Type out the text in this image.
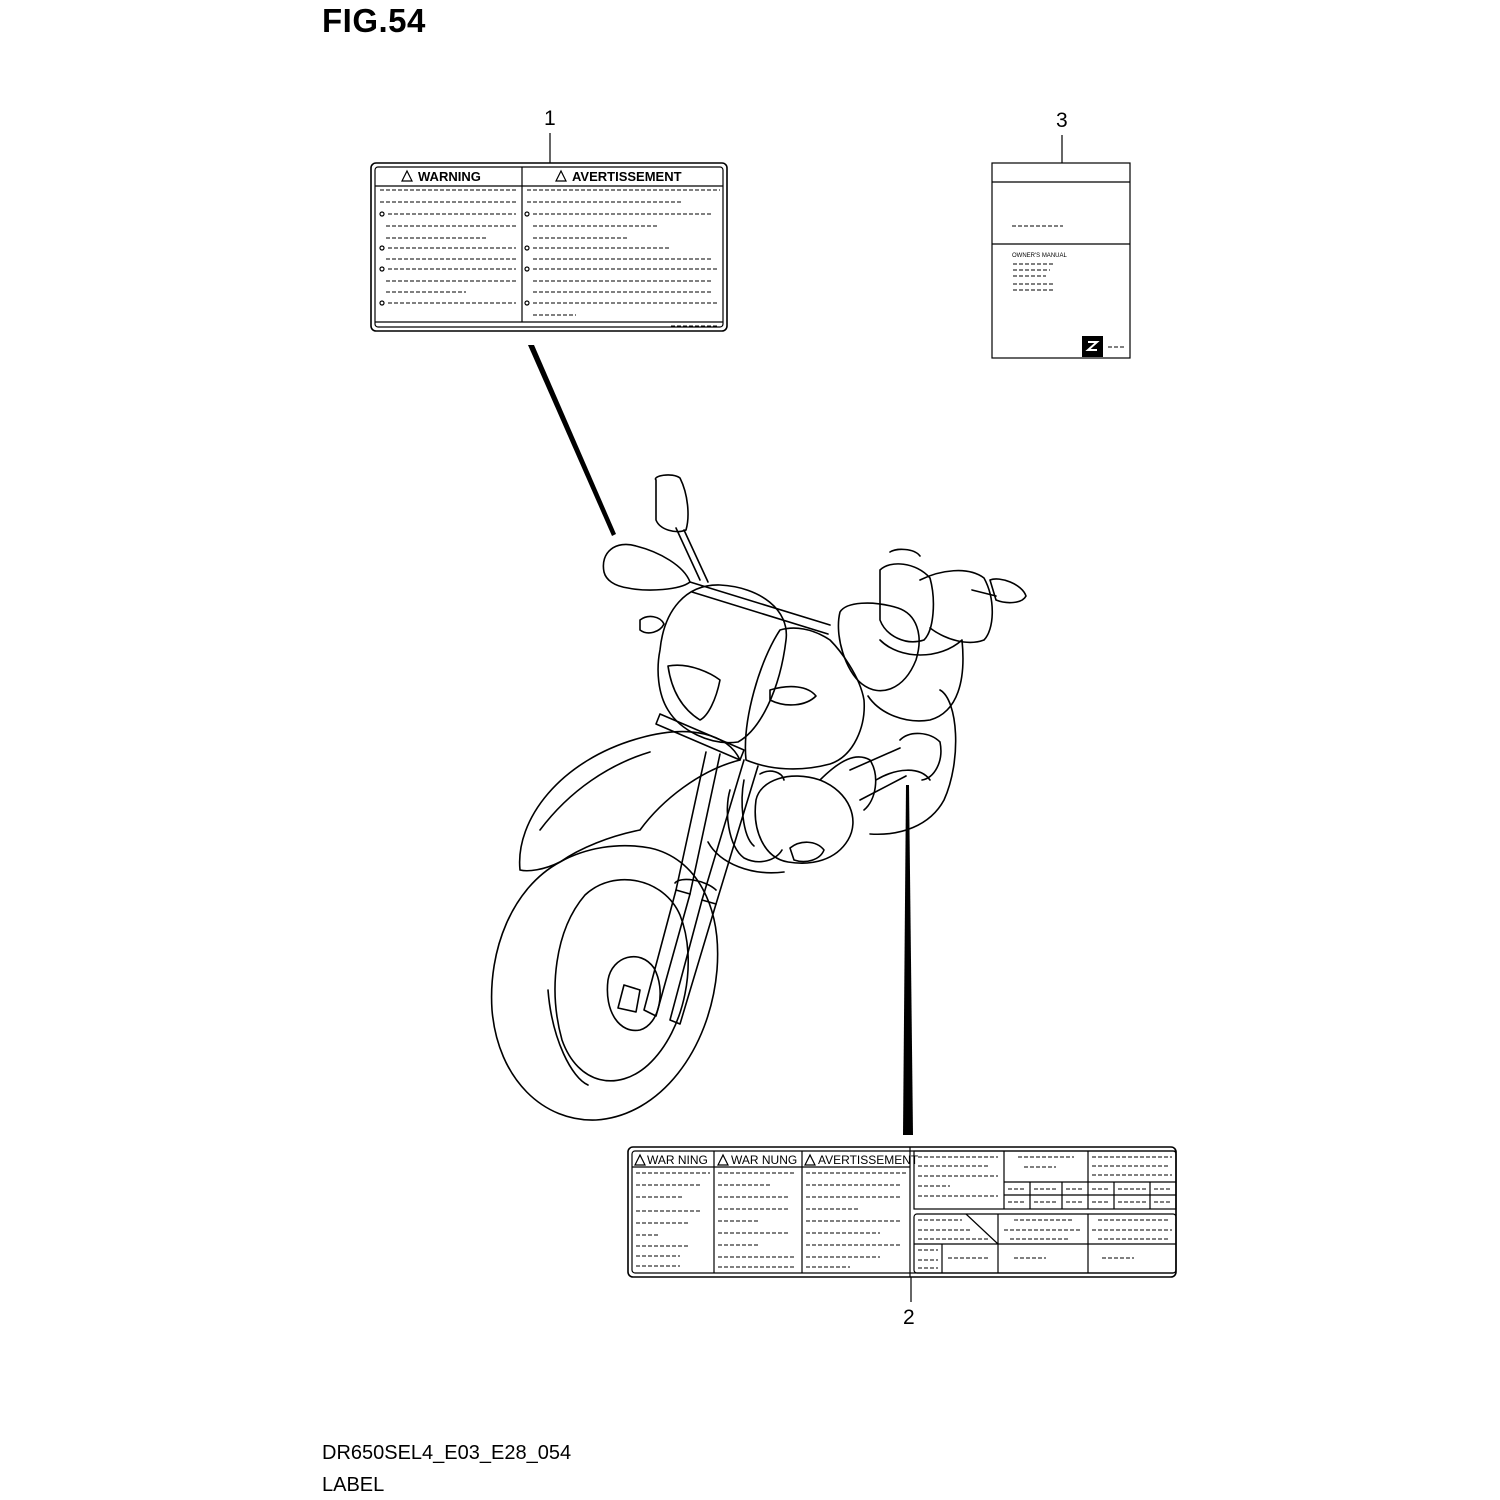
FIG.54
WARNING	AVERTISSEMENT
1
OWNER'S MANUAL
3
WAR NING WAR NUNG AVERTISSEMENT
2
DR650SEL4_E03_E28_054
LABEL
